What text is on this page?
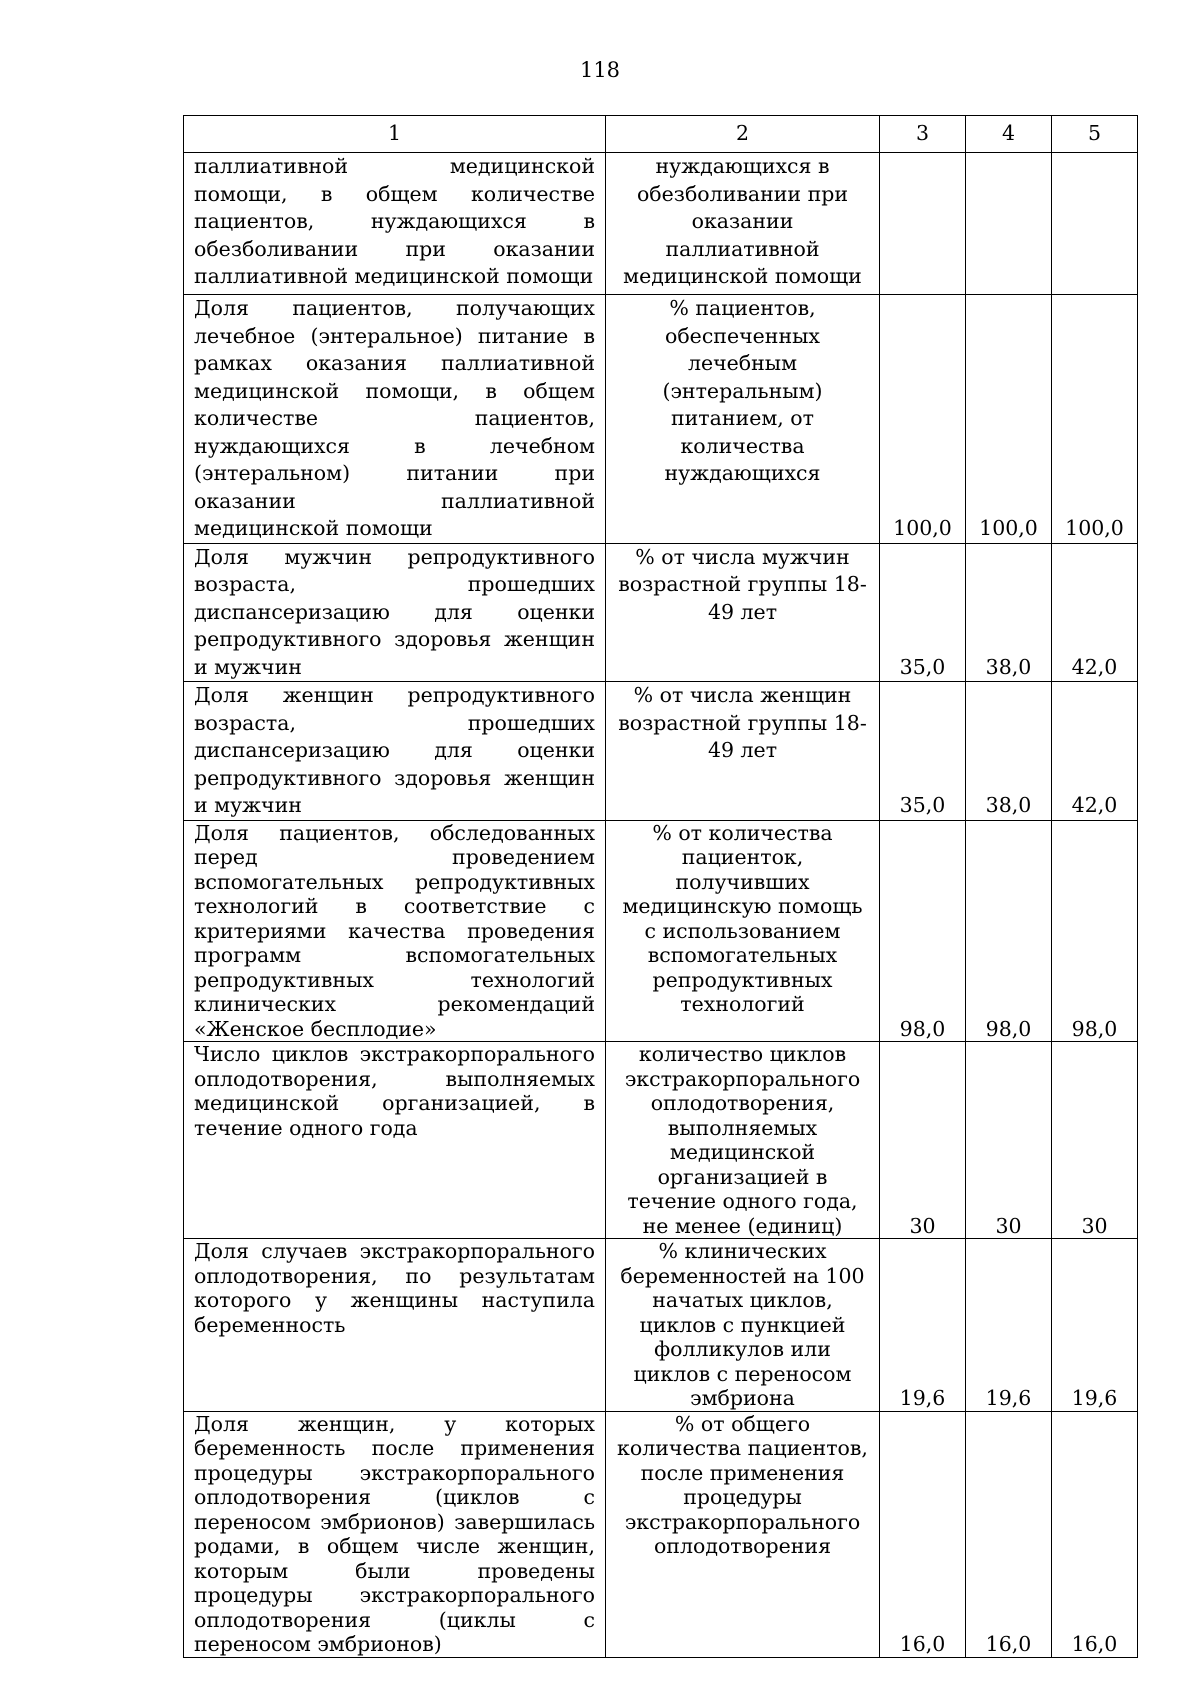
118
1	2	3	4	5
паллиативной медицинской помощи, в общем количестве пациентов, нуждающихся в обезболивании при оказании паллиативной медицинской помощи	нуждающихся в обезболивании при оказании паллиативной медицинской помощи			
Доля пациентов, получающих лечебное (энтеральное) питание в рамках оказания паллиативной медицинской помощи, в общем количестве пациентов, нуждающихся в лечебном (энтеральном) питании при оказании паллиативной медицинской помощи	% пациентов, обеспеченных лечебным (энтеральным) питанием, от количества нуждающихся	100,0	100,0	100,0
Доля мужчин репродуктивного возраста, прошедших диспансеризацию для оценки репродуктивного здоровья женщин и мужчин	% от числа мужчин возрастной группы 18-49 лет	35,0	38,0	42,0
Доля женщин репродуктивного возраста, прошедших диспансеризацию для оценки репродуктивного здоровья женщин и мужчин	% от числа женщин возрастной группы 18-49 лет	35,0	38,0	42,0
Доля пациентов, обследованных перед проведением вспомогательных репродуктивных технологий в соответствие с критериями качества проведения программ вспомогательных репродуктивных технологий клинических рекомендаций «Женское бесплодие»	% от количества пациенток, получивших медицинскую помощь с использованием вспомогательных репродуктивных технологий	98,0	98,0	98,0
Число циклов экстракорпорального оплодотворения, выполняемых медицинской организацией, в течение одного года	количество циклов экстракорпорального оплодотворения, выполняемых медицинской организацией в течение одного года, не менее (единиц)	30	30	30
Доля случаев экстракорпорального оплодотворения, по результатам которого у женщины наступила беременность	% клинических беременностей на 100 начатых циклов, циклов с пункцией фолликулов или циклов с переносом эмбриона	19,6	19,6	19,6
Доля женщин, у которых беременность после применения процедуры экстракорпорального оплодотворения (циклов с переносом эмбрионов) завершилась родами, в общем числе женщин, которым были проведены процедуры экстракорпорального оплодотворения (циклы с переносом эмбрионов)	% от общего количества пациентов, после применения процедуры экстракорпорального оплодотворения	16,0	16,0	16,0
